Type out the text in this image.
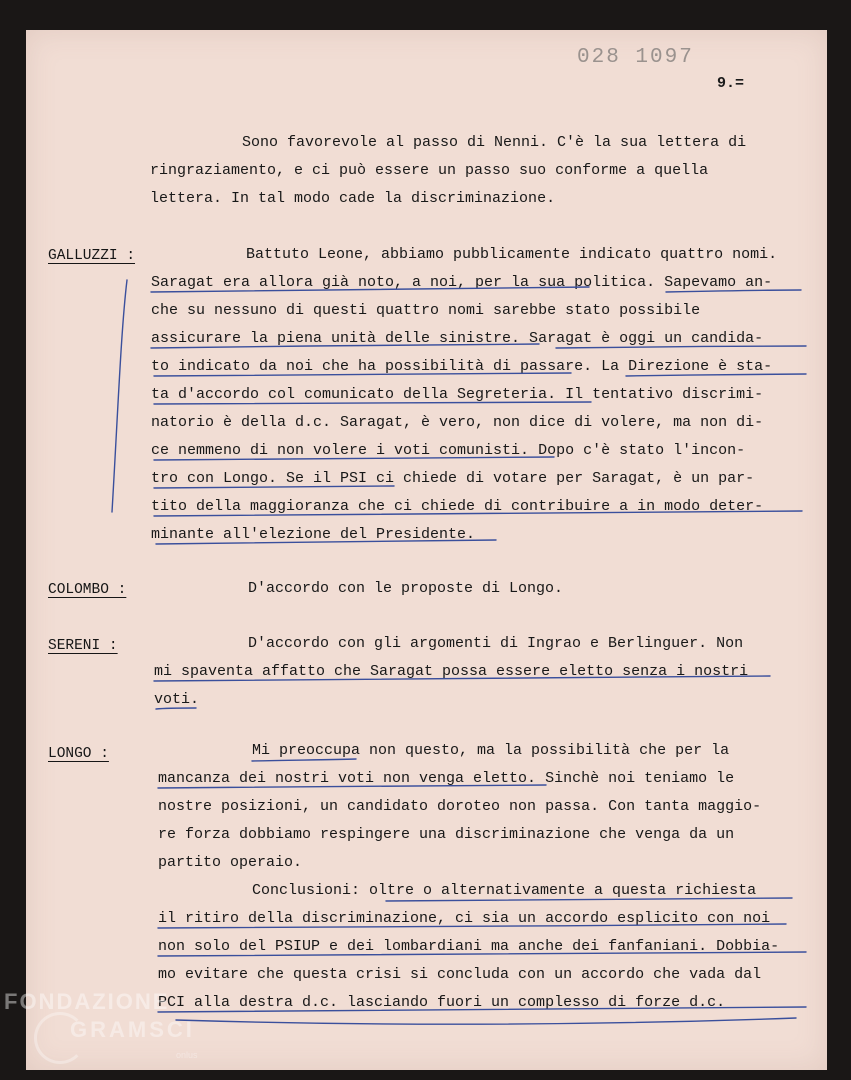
028 1097

9.=

Sono favorevole al passo di Nenni. C'è la sua lettera di

ringraziamento, e ci può essere un passo suo conforme a quella

lettera. In tal modo cade la discriminazione.

GALLUZZI :	Battuto Leone, abbiamo pubblicamente indicato quattro nomi.

Saragat era allora già noto, a noi, per la sua politica. Sapevamo an-

che su nessuno di questi quattro nomi sarebbe stato possibile

assicurare la piena unità delle sinistre. Saragat è oggi un candida-

to indicato da noi che ha possibilità di passare. La Direzione è sta-

ta d'accordo col comunicato della Segreteria. Il tentativo discrimi-

natorio è della d.c. Saragat, è vero, non dice di volere, ma non di-

ce nemmeno di non volere i voti comunisti. Dopo c'è stato l'incon-

tro con Longo. Se il PSI ci chiede di votare per Saragat, è un par-

tito della maggioranza che ci chiede di contribuire a in modo deter-

minante all'elezione del Presidente.

COLOMBO :	D'accordo con le proposte di Longo.

SERENI :	D'accordo con gli argomenti di Ingrao e Berlinguer. Non

mi spaventa affatto che Saragat possa essere eletto senza i nostri

voti.

LONGO :	Mi preoccupa non questo, ma la possibilità che per la

mancanza dei nostri voti non venga eletto. Sinchè noi teniamo le

nostre posizioni, un candidato doroteo non passa. Con tanta maggio-

re forza dobbiamo respingere una discriminazione che venga da un

partito operaio.

Conclusioni: oltre o alternativamente a questa richiesta

il ritiro della discriminazione, ci sia un accordo esplicito con noi

non solo del PSIUP e dei lombardiani ma anche dei fanfaniani. Dobbia-

mo evitare che questa crisi si concluda con un accordo che vada dal

PCI alla destra d.c. lasciando fuori un complesso di forze d.c.

FONDAZIONE

GRAMSCI

onlus
